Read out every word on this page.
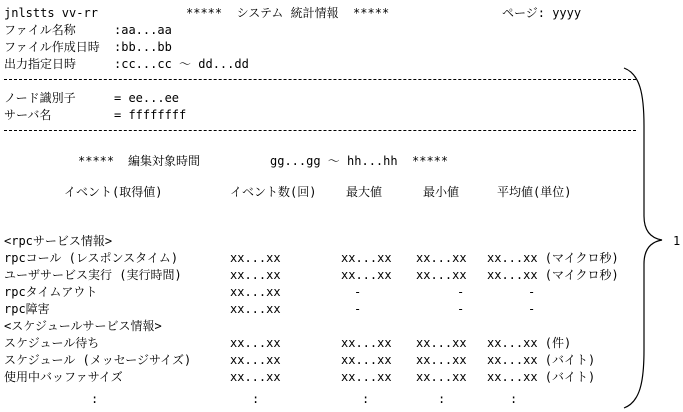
jnlstts vv-rr	*****  システム 統計情報  *****	ページ: yyyy
ファイル名称	:aa...aa
ファイル作成日時 :bb...bb
出力指定日時	:cc...cc ～ dd...dd
ノード識別子	= ee...ee
サーバ名	= ffffffff
***** 編集対象時間	gg...gg ～ hh...hh *****
イベント(取得値)	イベント数(回) 最大値	最小値	平均値(単位)
<rpcサービス情報>
rpcコール (レスポンスタイム)	xx...xx	xx...xx xx...xx xx...xx (マイクロ秒)
ユーザサービス実行 (実行時間)	xx...xx	xx...xx xx...xx xx...xx (マイクロ秒)
rpcタイムアウト	xx...xx	-	-	-
rpc障害	xx...xx	-	-	-
<スケジュールサービス情報>
スケジュール待ち	xx...xx	xx...xx xx...xx xx...xx (件)
スケジュール (メッセージサイズ)	xx...xx	xx...xx xx...xx xx...xx (バイト)
使用中バッファサイズ	xx...xx	xx...xx xx...xx xx...xx (バイト)
:	:	:	:	:
1
